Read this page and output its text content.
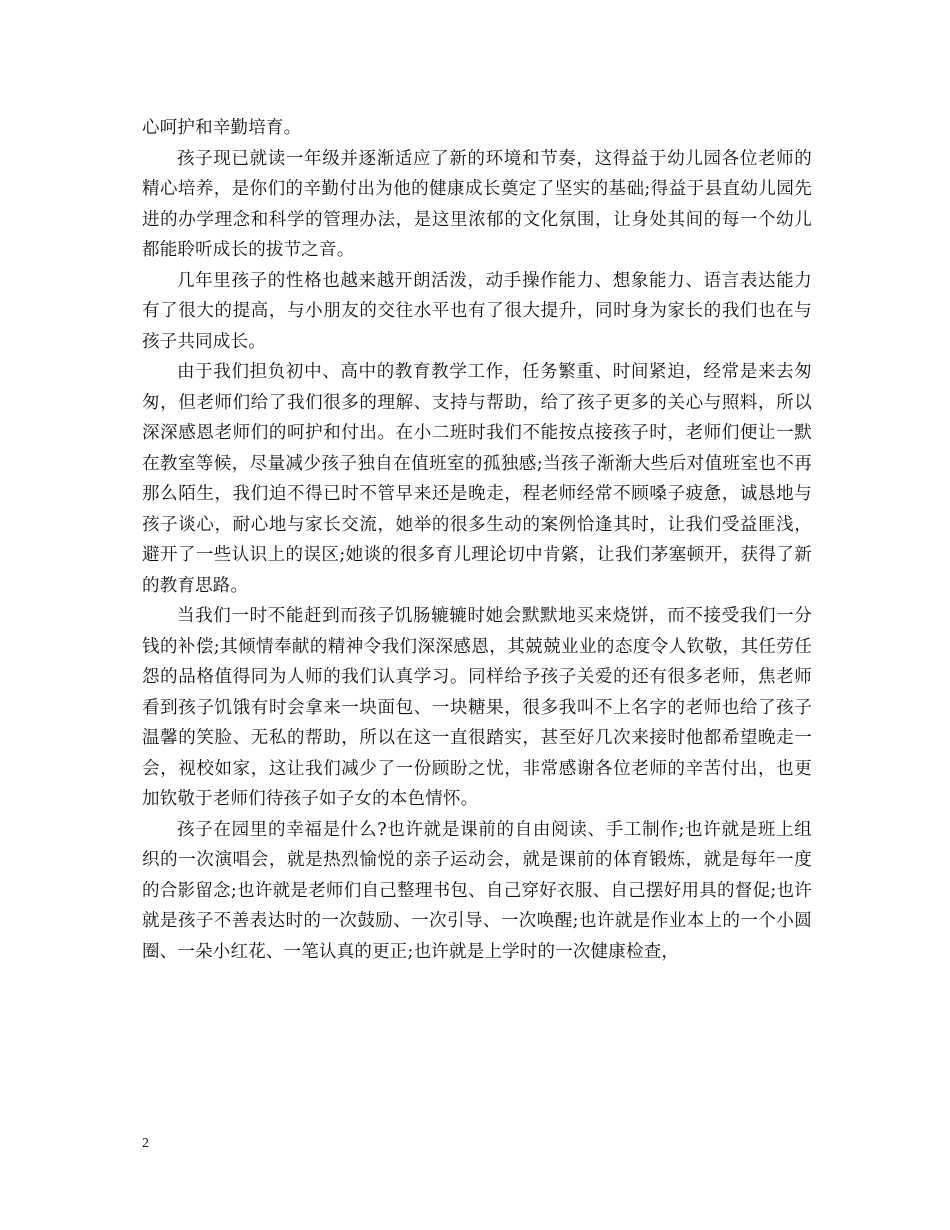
心呵护和辛勤培育。

孩子现已就读一年级并逐渐适应了新的环境和节奏，这得益于幼儿园各位老师的精心培养，是你们的辛勤付出为他的健康成长奠定了坚实的基础;得益于县直幼儿园先进的办学理念和科学的管理办法，是这里浓郁的文化氛围，让身处其间的每一个幼儿都能聆听成长的拔节之音。

几年里孩子的性格也越来越开朗活泼，动手操作能力、想象能力、语言表达能力有了很大的提高，与小朋友的交往水平也有了很大提升，同时身为家长的我们也在与孩子共同成长。

由于我们担负初中、高中的教育教学工作，任务繁重、时间紧迫，经常是来去匆匆，但老师们给了我们很多的理解、支持与帮助，给了孩子更多的关心与照料，所以深深感恩老师们的呵护和付出。在小二班时我们不能按点接孩子时，老师们便让一默在教室等候，尽量减少孩子独自在值班室的孤独感;当孩子渐渐大些后对值班室也不再那么陌生，我们迫不得已时不管早来还是晚走，程老师经常不顾嗓子疲惫，诚恳地与孩子谈心，耐心地与家长交流，她举的很多生动的案例恰逢其时，让我们受益匪浅，避开了一些认识上的误区;她谈的很多育儿理论切中肯綮，让我们茅塞顿开，获得了新的教育思路。

当我们一时不能赶到而孩子饥肠辘辘时她会默默地买来烧饼，而不接受我们一分钱的补偿;其倾情奉献的精神令我们深深感恩，其兢兢业业的态度令人钦敬，其任劳任怨的品格值得同为人师的我们认真学习。同样给予孩子关爱的还有很多老师，焦老师看到孩子饥饿有时会拿来一块面包、一块糖果，很多我叫不上名字的老师也给了孩子温馨的笑脸、无私的帮助，所以在这一直很踏实，甚至好几次来接时他都希望晚走一会，视校如家，这让我们减少了一份顾盼之忧，非常感谢各位老师的辛苦付出，也更加钦敬于老师们待孩子如子女的本色情怀。

孩子在园里的幸福是什么?也许就是课前的自由阅读、手工制作;也许就是班上组织的一次演唱会，就是热烈愉悦的亲子运动会，就是课前的体育锻炼，就是每年一度的合影留念;也许就是老师们自己整理书包、自己穿好衣服、自己摆好用具的督促;也许就是孩子不善表达时的一次鼓励、一次引导、一次唤醒;也许就是作业本上的一个小圆圈、一朵小红花、一笔认真的更正;也许就是上学时的一次健康检查，

2
